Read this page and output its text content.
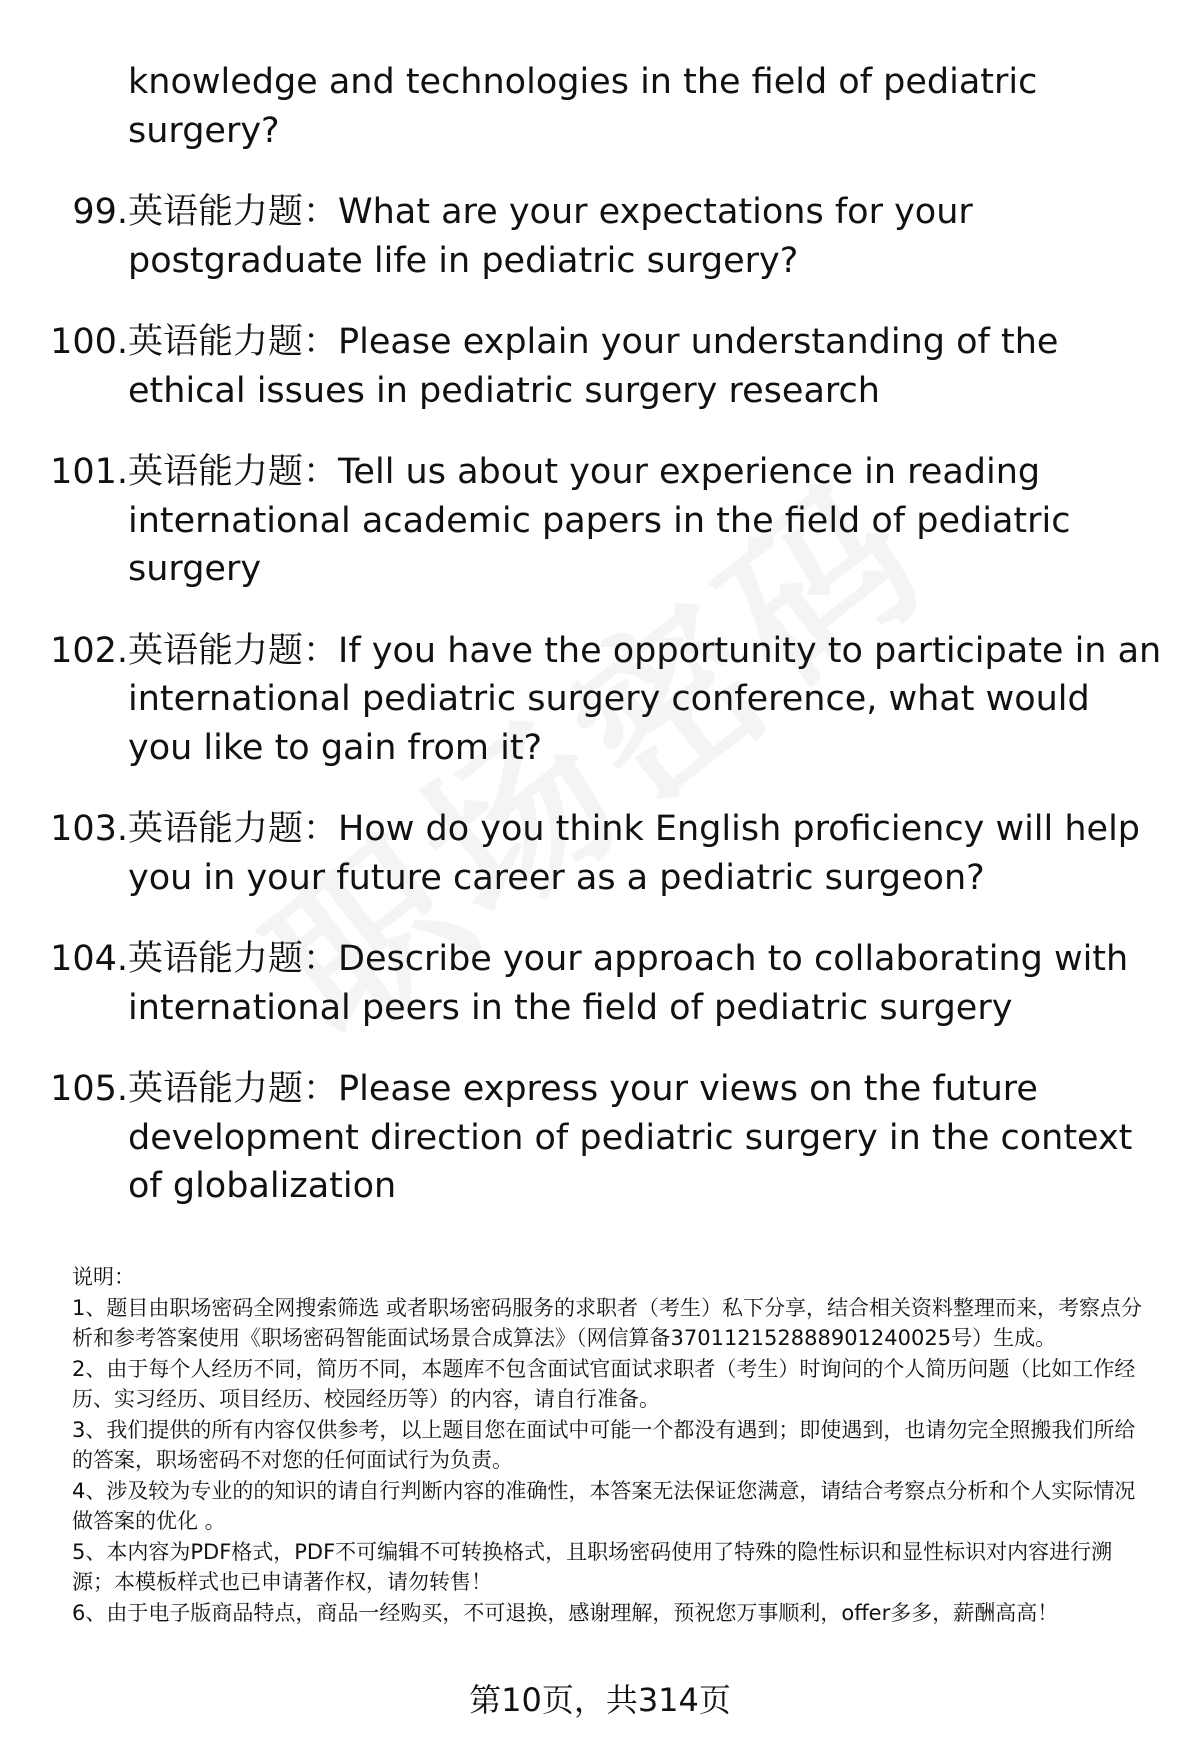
knowledge and technologies in the field of pediatric surgery?
99. 英语能力题：What are your expectations for your postgraduate life in pediatric surgery?
100. 英语能力题：Please explain your understanding of the ethical issues in pediatric surgery research
101. 英语能力题：Tell us about your experience in reading international academic papers in the field of pediatric surgery
102. 英语能力题：If you have the opportunity to participate in an international pediatric surgery conference, what would you like to gain from it?
103. 英语能力题：How do you think English proficiency will help you in your future career as a pediatric surgeon?
104. 英语能力题：Describe your approach to collaborating with international peers in the field of pediatric surgery
105. 英语能力题：Please express your views on the future development direction of pediatric surgery in the context of globalization

说明：

1、题目由职场密码全网搜索筛选 或者职场密码服务的求职者（考生）私下分享，结合相关资料整理而来，考察点分析和参考答案使用《职场密码智能面试场景合成算法》（网信算备370112152888901240025号）生成。

2、由于每个人经历不同，简历不同，本题库不包含面试官面试求职者（考生）时询问的个人简历问题（比如工作经历、实习经历、项目经历、校园经历等）的内容，请自行准备。

3、我们提供的所有内容仅供参考，以上题目您在面试中可能一个都没有遇到；即使遇到，也请勿完全照搬我们所给的答案，职场密码不对您的任何面试行为负责。

4、涉及较为专业的的知识的请自行判断内容的准确性，本答案无法保证您满意，请结合考察点分析和个人实际情况做答案的优化 。

5、本内容为PDF格式，PDF不可编辑不可转换格式，且职场密码使用了特殊的隐性标识和显性标识对内容进行溯源；本模板样式也已申请著作权，请勿转售！

6、由于电子版商品特点，商品一经购买，不可退换，感谢理解，预祝您万事顺利，offer多多，薪酬高高！

第10页，共314页
